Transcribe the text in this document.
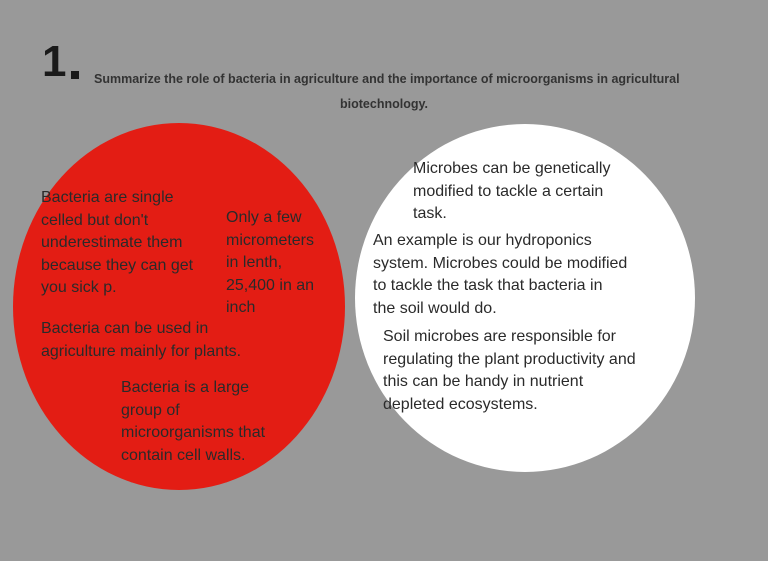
1 Summarize the role of bacteria in agriculture and the importance of microorganisms in agricultural
biotechnology.
Bacteria are single
celled but don't
underestimate them
because they can get
you sick p.
Only a few
micrometers
in lenth,
25,400 in an
inch
Bacteria can be used in
agriculture mainly for plants.
Bacteria is a large
group of
microorganisms that
contain cell walls.
Microbes can be genetically
modified to tackle a certain
task.
An example is our hydroponics
system. Microbes could be modified
to tackle the task that bacteria in
the soil would do.
Soil microbes are responsible for
regulating the plant productivity and
this can be handy in nutrient
depleted ecosystems.
